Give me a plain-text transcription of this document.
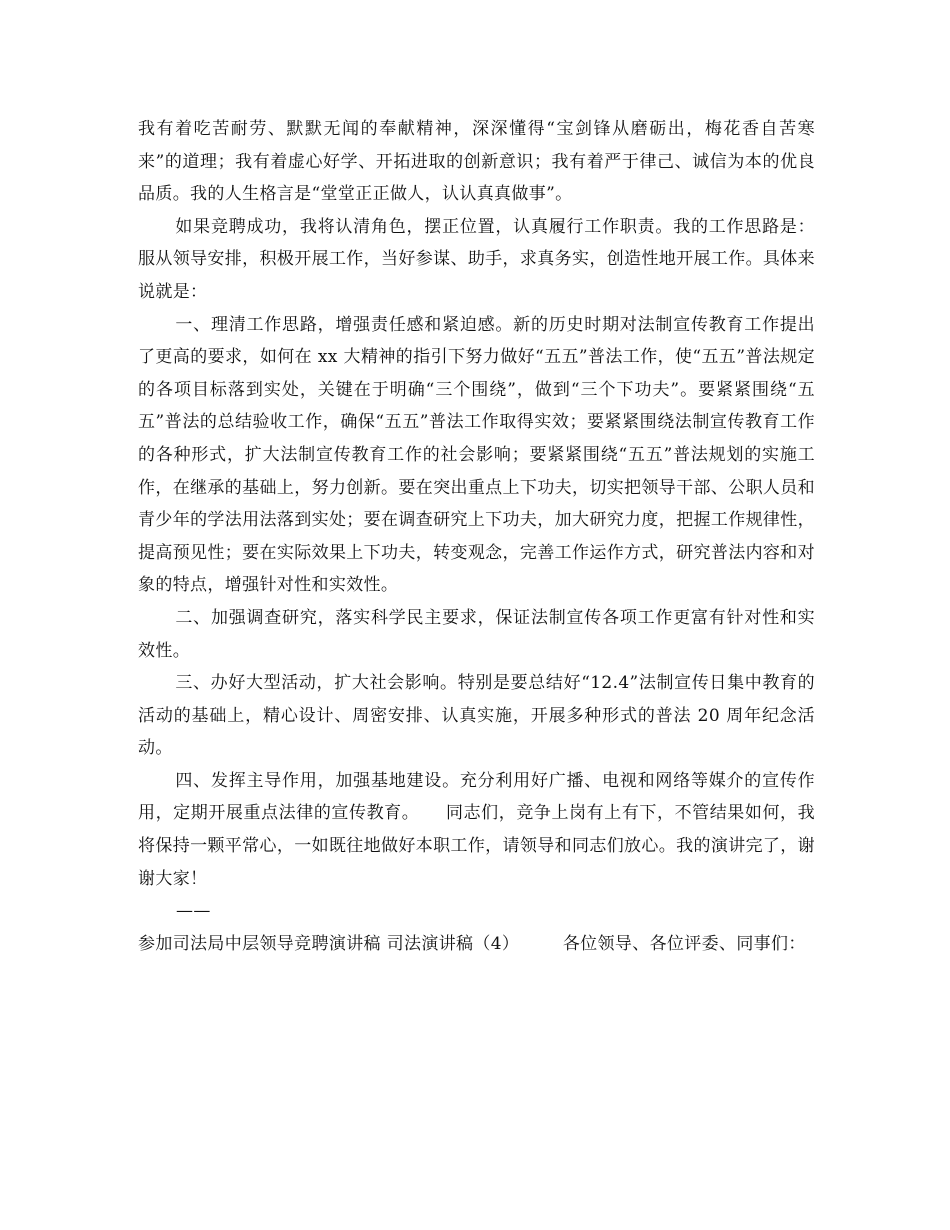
我有着吃苦耐劳、默默无闻的奉献精神，深深懂得“宝剑锋从磨砺出，梅花香自苦寒来”的道理；我有着虚心好学、开拓进取的创新意识；我有着严于律己、诚信为本的优良品质。我的人生格言是“堂堂正正做人，认认真真做事”。

如果竞聘成功，我将认清角色，摆正位置，认真履行工作职责。我的工作思路是：服从领导安排，积极开展工作，当好参谋、助手，求真务实，创造性地开展工作。具体来说就是：

一、理清工作思路，增强责任感和紧迫感。新的历史时期对法制宣传教育工作提出了更高的要求，如何在 xx 大精神的指引下努力做好“五五”普法工作，使“五五”普法规定的各项目标落到实处，关键在于明确“三个围绕”，做到“三个下功夫”。要紧紧围绕“五五”普法的总结验收工作，确保“五五”普法工作取得实效；要紧紧围绕法制宣传教育工作的各种形式，扩大法制宣传教育工作的社会影响；要紧紧围绕“五五”普法规划的实施工作，在继承的基础上，努力创新。要在突出重点上下功夫，切实把领导干部、公职人员和青少年的学法用法落到实处；要在调查研究上下功夫，加大研究力度，把握工作规律性，提高预见性；要在实际效果上下功夫，转变观念，完善工作运作方式，研究普法内容和对象的特点，增强针对性和实效性。

二、加强调查研究，落实科学民主要求，保证法制宣传各项工作更富有针对性和实效性。

三、办好大型活动，扩大社会影响。特别是要总结好“12.4”法制宣传日集中教育的活动的基础上，精心设计、周密安排、认真实施，开展多种形式的普法 20 周年纪念活动。

四、发挥主导作用，加强基地建设。充分利用好广播、电视和网络等媒介的宣传作用，定期开展重点法律的宣传教育。　　同志们，竞争上岗有上有下，不管结果如何，我将保持一颗平常心，一如既往地做好本职工作，请领导和同志们放心。我的演讲完了，谢谢大家！

——

参加司法局中层领导竞聘演讲稿 司法演讲稿（4）　　　各位领导、各位评委、同事们：
